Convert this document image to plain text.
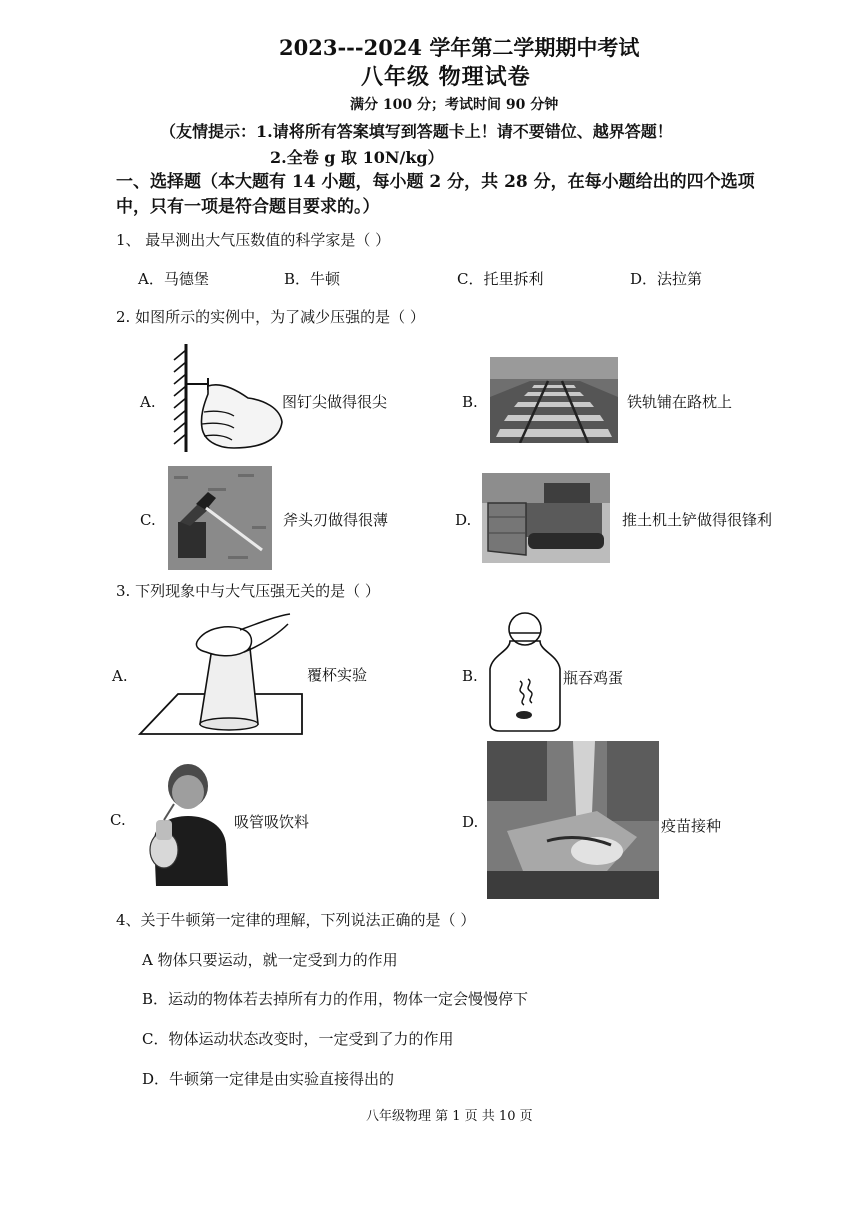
2023---2024 学年第二学期期中考试
八年级 物理试卷
满分 100 分；考试时间 90 分钟
（友情提示：1.请将所有答案填写到答题卡上！请不要错位、越界答题！
2.全卷 g 取 10N/kg）
一、选择题（本大题有 14 小题，每小题 2 分，共 28 分，在每小题给出的四个选项
中，只有一项是符合题目要求的。）
1、 最早测出大气压数值的科学家是（ ）
A．马德堡	B．牛顿	C．托里拆利	D．法拉第
2. 如图所示的实例中，为了减少压强的是（ ）
A.	图钉尖做得很尖	B.	铁轨铺在路枕上
C.	斧头刃做得很薄	D.	推土机土铲做得很锋利
3. 下列现象中与大气压强无关的是（ ）
A.	覆杯实验	B.	瓶吞鸡蛋
C.	吸管吸饮料	D.	疫苗接种
4、关于牛顿第一定律的理解，下列说法正确的是（ ）
A 物体只要运动，就一定受到力的作用
B．运动的物体若去掉所有力的作用，物体一定会慢慢停下
C．物体运动状态改变时，一定受到了力的作用
D．牛顿第一定律是由实验直接得出的
八年级物理 第 1 页 共 10 页
